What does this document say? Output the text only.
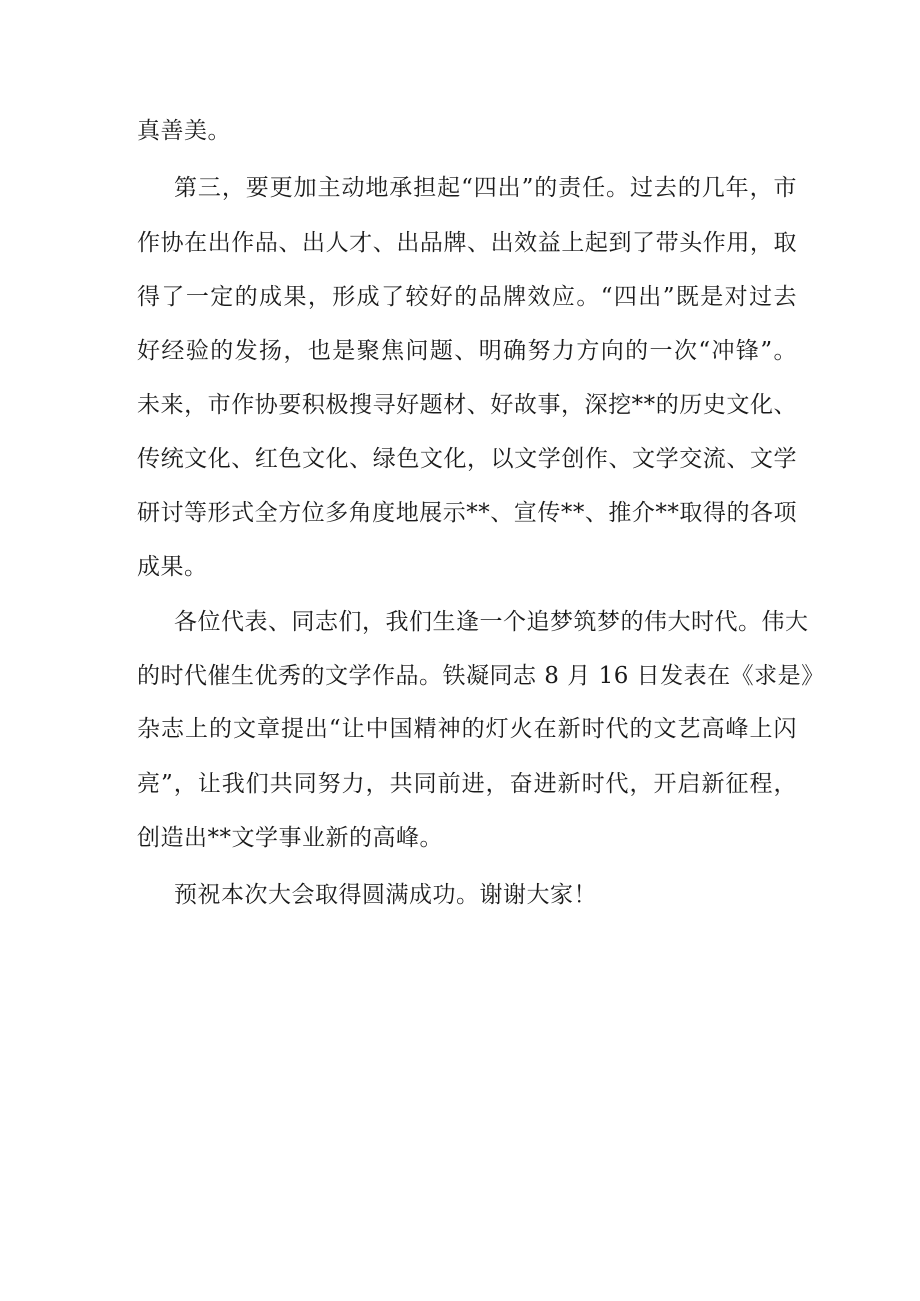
真善美。

第三，要更加主动地承担起“四出”的责任。过去的几年，市

作协在出作品、出人才、出品牌、出效益上起到了带头作用，取

得了一定的成果，形成了较好的品牌效应。“四出”既是对过去

好经验的发扬，也是聚焦问题、明确努力方向的一次“冲锋”。

未来，市作协要积极搜寻好题材、好故事，深挖**的历史文化、

传统文化、红色文化、绿色文化，以文学创作、文学交流、文学

研讨等形式全方位多角度地展示**、宣传**、推介**取得的各项

成果。

各位代表、同志们，我们生逢一个追梦筑梦的伟大时代。伟大

的时代催生优秀的文学作品。铁凝同志 8 月 16 日发表在《求是》

杂志上的文章提出“让中国精神的灯火在新时代的文艺高峰上闪

亮”，让我们共同努力，共同前进，奋进新时代，开启新征程，

创造出**文学事业新的高峰。

预祝本次大会取得圆满成功。谢谢大家！
